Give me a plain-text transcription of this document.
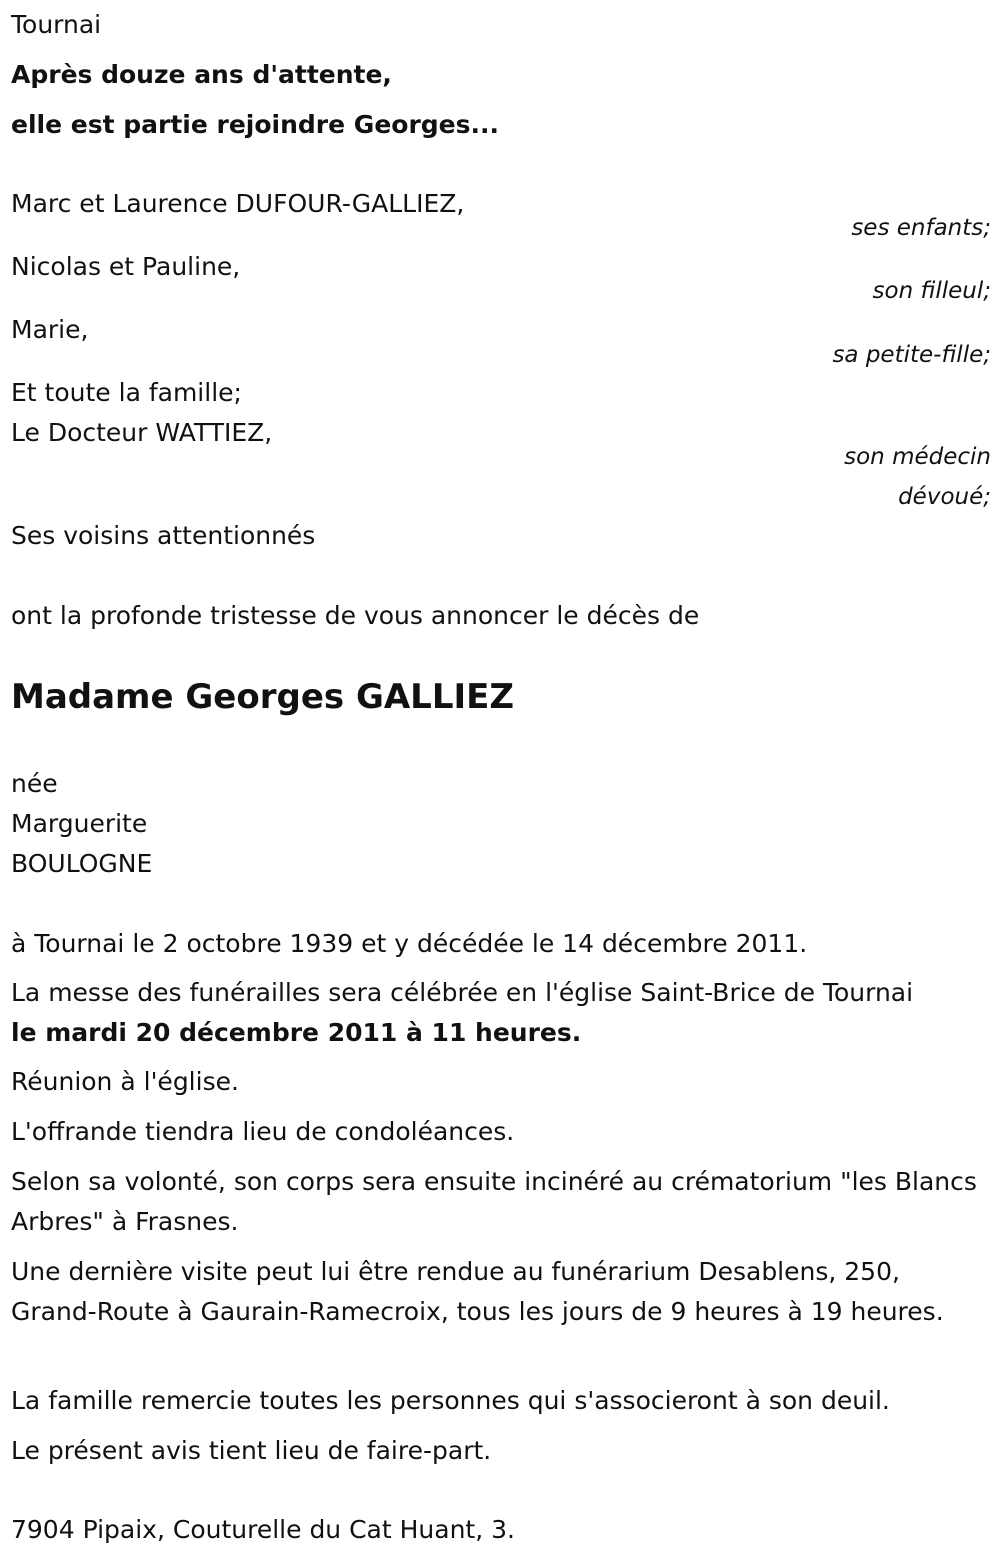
Tournai
Après douze ans d'attente,
elle est partie rejoindre Georges...
Marc et Laurence DUFOUR-GALLIEZ,
ses enfants;
Nicolas et Pauline,
son filleul;
Marie,
sa petite-fille;
Et toute la famille;
Le Docteur WATTIEZ,
son médecin
dévoué;
Ses voisins attentionnés
ont la profonde tristesse de vous annoncer le décès de
Madame Georges GALLIEZ
née
Marguerite
BOULOGNE
à Tournai le 2 octobre 1939 et y décédée le 14 décembre 2011.
La messe des funérailles sera célébrée en l'église Saint-Brice de Tournai
le mardi 20 décembre 2011 à 11 heures.
Réunion à l'église.
L'offrande tiendra lieu de condoléances.
Selon sa volonté, son corps sera ensuite incinéré au crématorium "les Blancs Arbres" à Frasnes.
Une dernière visite peut lui être rendue au funérarium Desablens, 250, Grand-Route à Gaurain-Ramecroix, tous les jours de 9 heures à 19 heures.
La famille remercie toutes les personnes qui s'associeront à son deuil.
Le présent avis tient lieu de faire-part.
7904 Pipaix, Couturelle du Cat Huant, 3.
